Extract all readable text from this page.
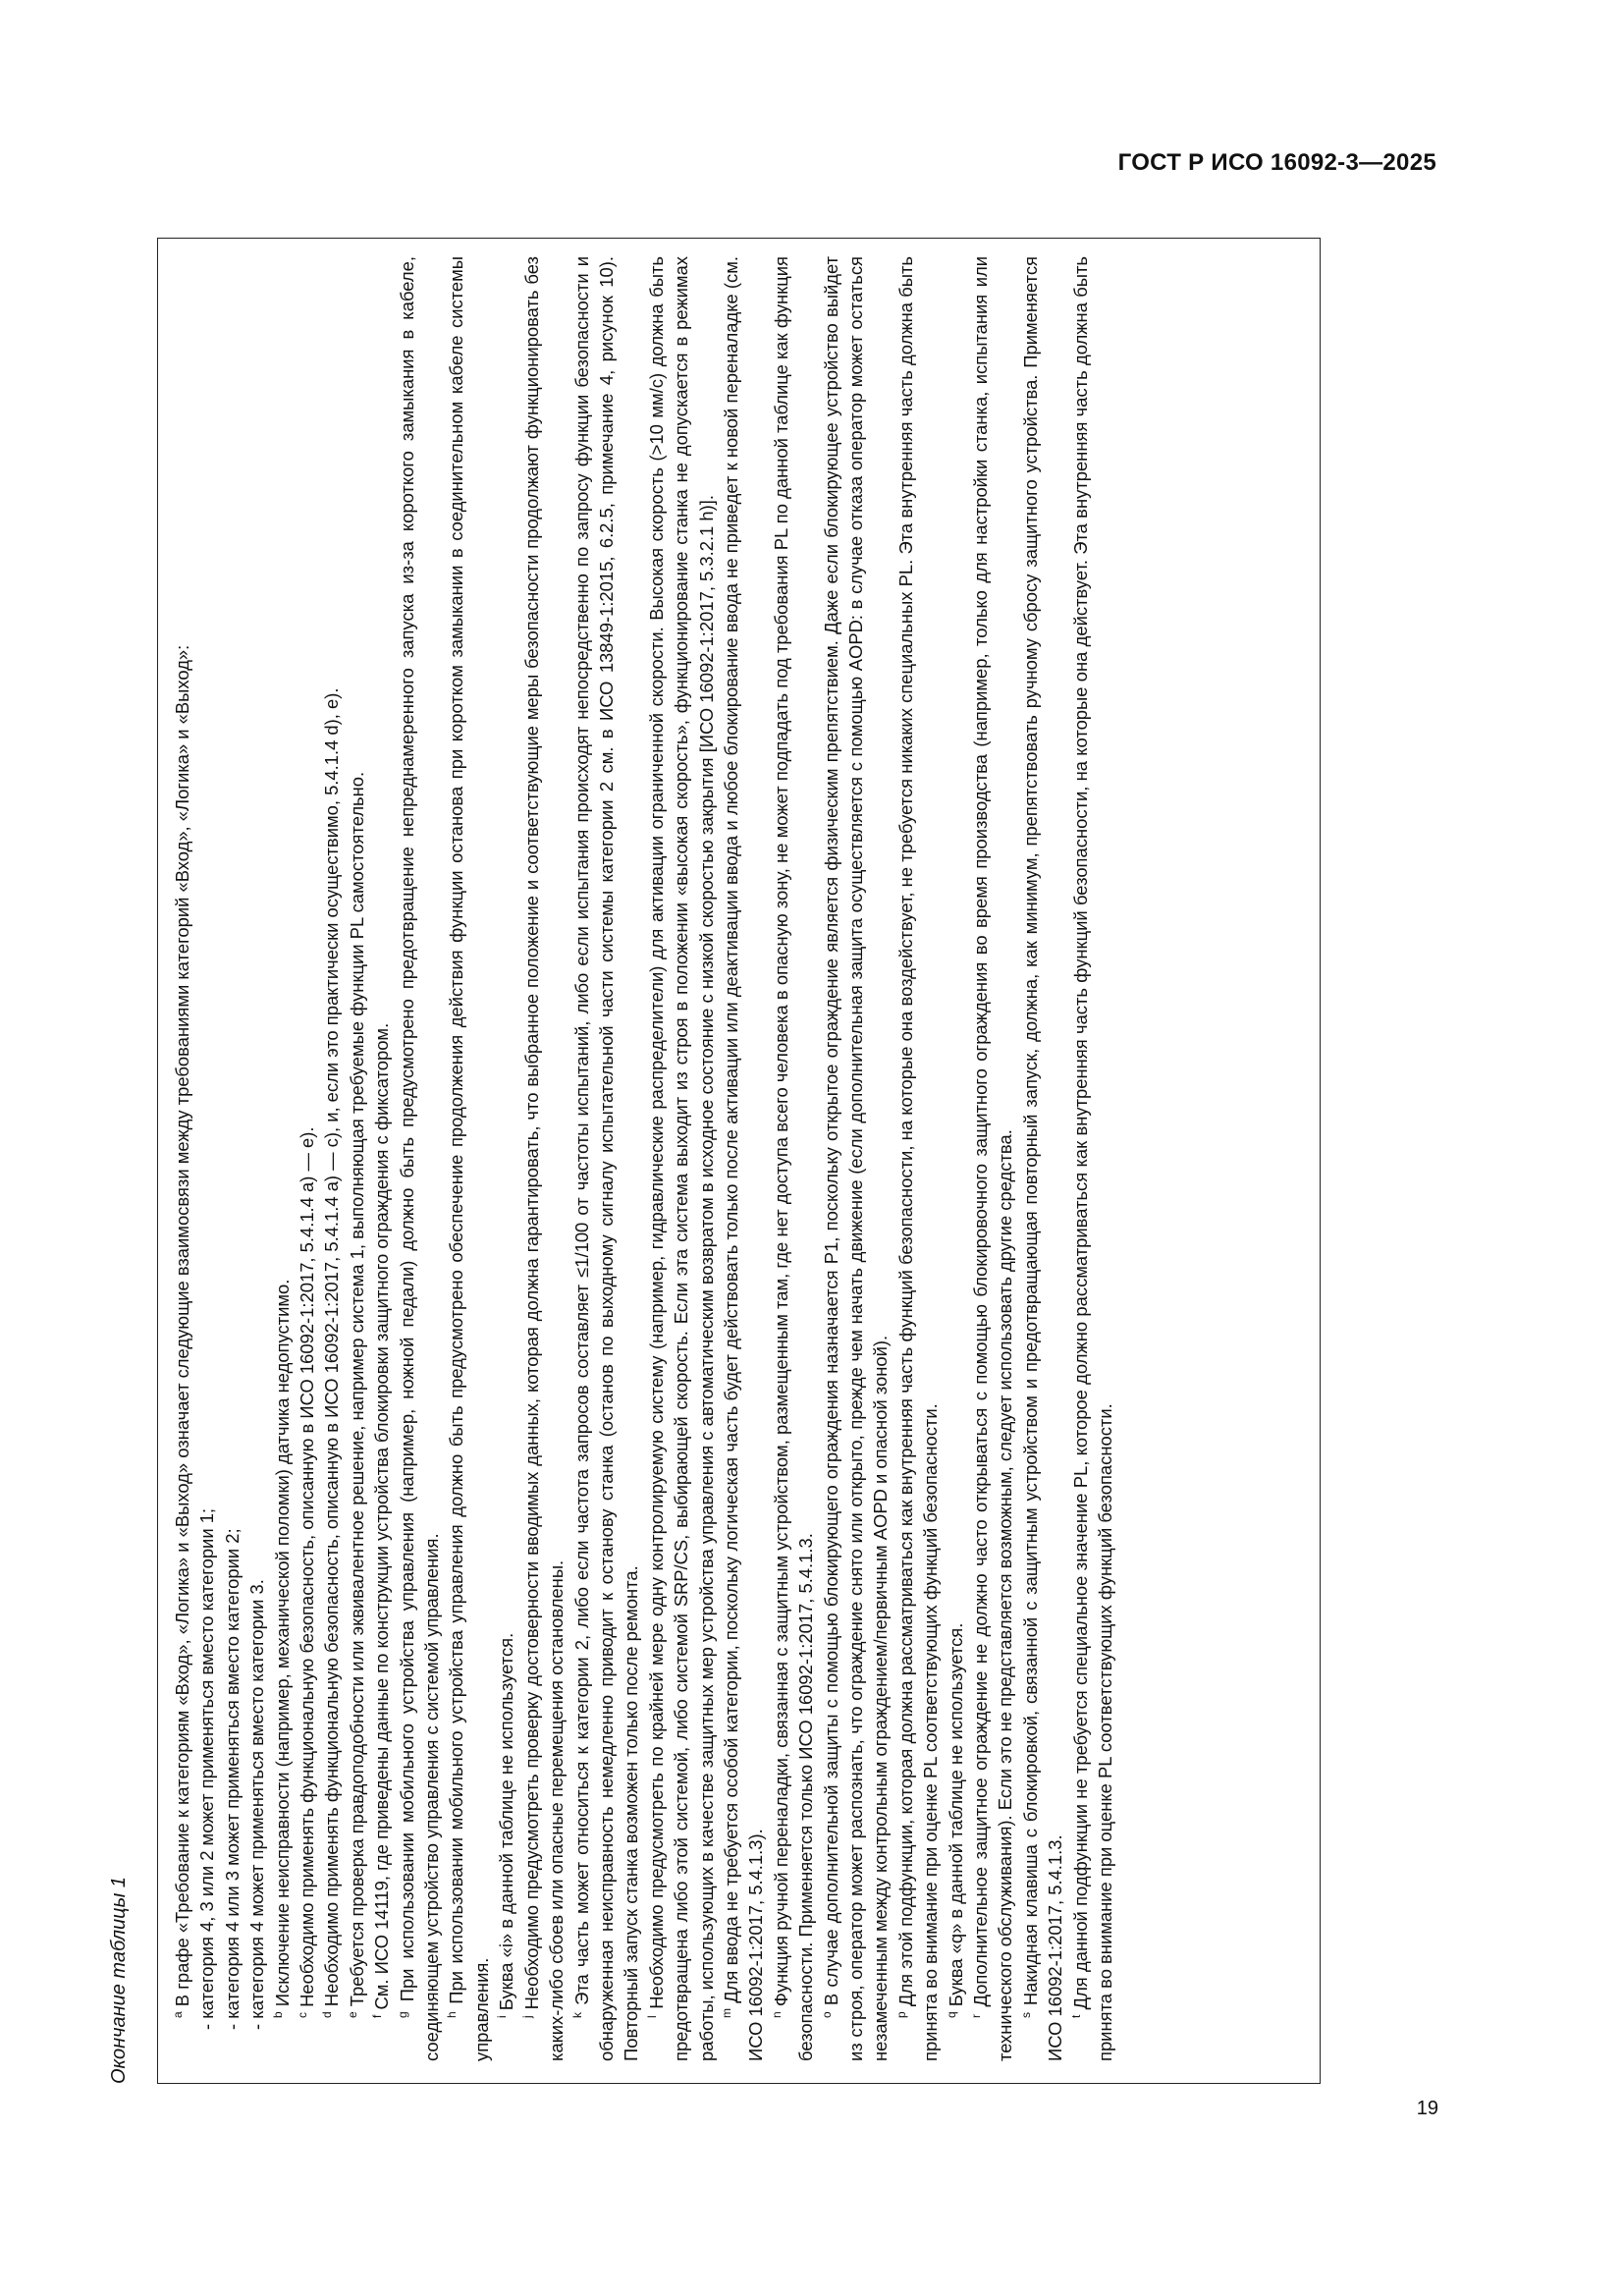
ГОСТ Р ИСО 16092-3—2025
Окончание таблицы 1	$^a$ В графе «Требование к категориям «Вход», «Логика» и «Выход» означает следующие взаимосвязи между требованиями категорий «Вход», «Логика» и «Выход»: - категория 4, 3 или 2 может применяться вместо категории 1; - категория 4 или 3 может применяться вместо категории 2; - категория 4 может применяться вместо категории 3. $^b$ Исключение неисправности (например, механической поломки) датчика недопустимо.

$^c$ Необходимо применять функциональную безопасность, описанную в ИСО 16092-1:2017, 5.4.1.4 а) — е).

$^d$ Необходимо применять функциональную безопасность, описанную в ИСО 16092-1:2017, 5.4.1.4 а) — с), и, если это практически осуществимо, 5.4.1.4 d), е).

$^e$ Требуется проверка правдоподобности или эквивалентное решение, например система 1, выполняющая требуемые функции PL самостоятельно.

$^f$ См. ИСО 14119, где приведены данные по конструкции устройства блокировки защитного ограждения с фиксатором.

$^g$ При использовании мобильного устройства управления (например, ножной педали) должно быть предусмотрено предотвращение непреднамеренного запуска из-за короткого замыкания в кабеле, соединяющем устройство управления с системой управления. $^h$ При использовании мобильного устройства управления должно быть предусмотрено обеспечение продолжения действия функции останова при коротком замыкании в соединительном кабеле системы управления. $^i$ Буква «i» в данной таблице не используется.

$^j$ Необходимо предусмотреть проверку достоверности вводимых данных, которая должна гарантировать, что выбранное положение и соответствующие меры безопасности продолжают функционировать без каких-либо сбоев или опасные перемещения остановлены. $^k$ Эта часть может относиться к категории 2, либо если частота запросов составляет ≤1/100 от частоты испытаний, либо если испытания происходят непосредственно по запросу функции безопасности и обнаруженная неисправность немедленно приводит к останову станка (останов по выходному сигналу испытательной части системы категории 2 см. в ИСО 13849-1:2015, 6.2.5, примечание 4, рисунок 10). Повторный запуск станка возможен только после ремонта. $^l$ Необходимо предусмотреть по крайней мере одну контролируемую систему (например, гидравлические распределители) для активации ограниченной скорости. Высокая скорость (>10 мм/с) должна быть предотвращена либо этой системой, либо системой SRP/CS, выбирающей скорость. Если эта система выходит из строя в положении «высокая скорость», функционирование станка не допускается в режимах работы, использующих в качестве защитных мер устройства управления с автоматическим возвратом в исходное состояние с низкой скоростью закрытия [ИСО 16092-1:2017, 5.3.2.1 h)]. $^m$ Для ввода не требуется особой категории, поскольку логическая часть будет действовать только после активации или деактивации ввода и любое блокирование ввода не приведет к новой переналадке (см. ИСО 16092-1:2017, 5.4.1.3). $^n$ Функция ручной переналадки, связанная с защитным устройством, размещенным там, где нет доступа всего человека в опасную зону, не может подпадать под требования PL по данной таблице как функция безопасности. Применяется только ИСО 16092-1:2017, 5.4.1.3. $^o$ В случае дополнительной защиты с помощью блокирующего ограждения назначается Р1, поскольку открытое ограждение является физическим препятствием. Даже если блокирующее устройство выйдет из строя, оператор может распознать, что ограждение снято или открыто, прежде чем начать движение (если дополнительная защита осуществляется с помощью AOPD: в случае отказа оператор может остаться незамеченным между контрольным ограждением/первичным AOPD и опасной зоной). $^p$ Для этой подфункции, которая должна рассматриваться как внутренняя часть функций безопасности, на которые она воздействует, не требуется никаких специальных PL. Эта внутренняя часть должна быть принята во внимание при оценке PL соответствующих функций безопасности. $^q$ Буква «q» в данной таблице не используется.

$^r$ Дополнительное защитное ограждение не должно часто открываться с помощью блокировочного защитного ограждения во время производства (например, только для настройки станка, испытания или технического обслуживания). Если это не представляется возможным, следует использовать другие средства. $^s$ Накидная клавиша с блокировкой, связанной с защитным устройством и предотвращающая повторный запуск, должна, как минимум, препятствовать ручному сбросу защитного устройства. Применяется ИСО 16092-1:2017, 5.4.1.3. $^t$ Для данной подфункции не требуется специальное значение PL, которое должно рассматриваться как внутренняя часть функций безопасности, на которые она действует. Эта внутренняя часть должна быть принята во внимание при оценке PL соответствующих функций безопасности.

19
